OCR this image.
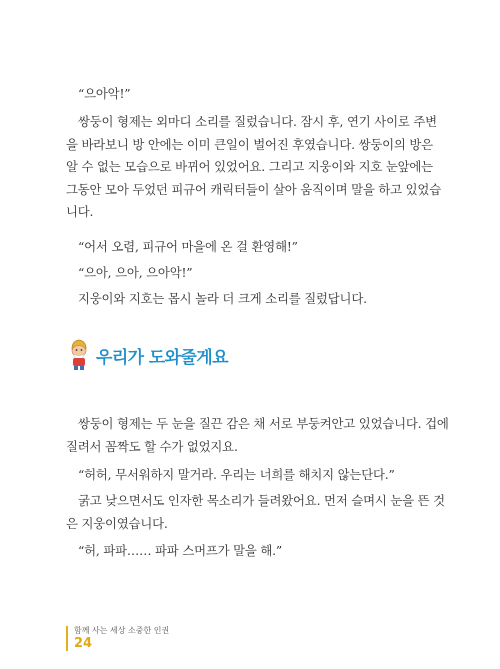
“으아악!”

쌍둥이 형제는 외마디 소리를 질렀습니다. 잠시 후, 연기 사이로 주변
을 바라보니 방 안에는 이미 큰일이 벌어진 후였습니다. 쌍둥이의 방은
알 수 없는 모습으로 바뀌어 있었어요. 그리고 지웅이와 지호 눈앞에는
그동안 모아 두었던 피규어 캐릭터들이 살아 움직이며 말을 하고 있었습
니다.

“어서 오렴, 피규어 마을에 온 걸 환영해!”

“으아, 으아, 으아악!”

지웅이와 지호는 몹시 놀라 더 크게 소리를 질렀답니다.

우리가 도와줄게요

쌍둥이 형제는 두 눈을 질끈 감은 채 서로 부둥켜안고 있었습니다. 겁에
질려서 꼼짝도 할 수가 없었지요.

“허허, 무서워하지 말거라. 우리는 너희를 해치지 않는단다.”

굵고 낮으면서도 인자한 목소리가 들려왔어요. 먼저 슬며시 눈을 뜬 것
은 지웅이였습니다.

“허, 파파…… 파파 스머프가 말을 해.”

함께 사는 세상 소중한 인권
24
